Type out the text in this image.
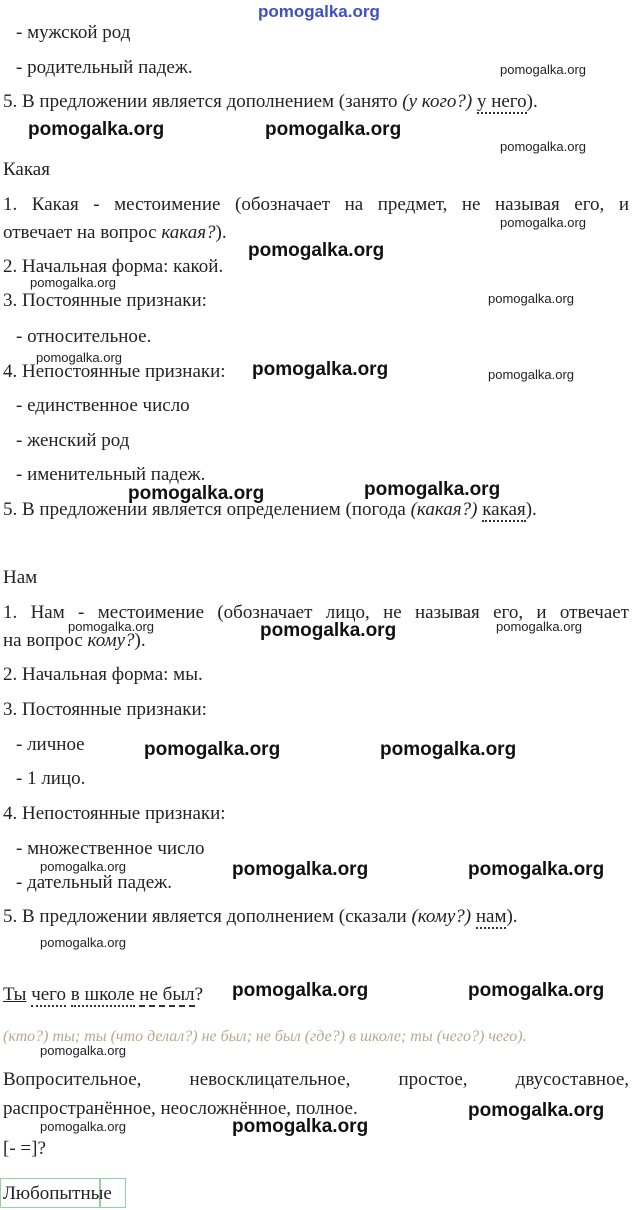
pomogalka.org
- мужской род
- родительный падеж.
5. В предложении является дополнением (занято (у кого?) у него).
Какая
1. Какая - местоимение (обозначает на предмет, не называя его, и
отвечает на вопрос какая?).
2. Начальная форма: какой.
3. Постоянные признаки:
- относительное.
4. Непостоянные признаки:
- единственное число
- женский род
- именительный падеж.
5. В предложении является определением (погода (какая?) какая).
Нам
1. Нам - местоимение (обозначает лицо, не называя его, и отвечает
на вопрос кому?).
2. Начальная форма: мы.
3. Постоянные признаки:
- личное
- 1 лицо.
4. Непостоянные признаки:
- множественное число
- дательный падеж.
5. В предложении является дополнением (сказали (кому?) нам).
Ты чего в школе не был?
(кто?) ты; ты (что делал?) не был; не был (где?) в школе; ты (чего?) чего).
Вопросительное, невосклицательное, простое, двусоставное,
распространённое, неосложнённое, полное.
[- =]?
Любопытные
pomogalka.org
pomogalka.org	pomogalka.org
pomogalka.org
pomogalka.org
pomogalka.org
pomogalka.org
pomogalka.org
pomogalka.org
pomogalka.org	pomogalka.org
pomogalka.org	pomogalka.org
pomogalka.org	pomogalka.org	pomogalka.org
pomogalka.org	pomogalka.org
pomogalka.org	pomogalka.org	pomogalka.org
pomogalka.org
pomogalka.org	pomogalka.org
pomogalka.org
pomogalka.org
pomogalka.org	pomogalka.org
